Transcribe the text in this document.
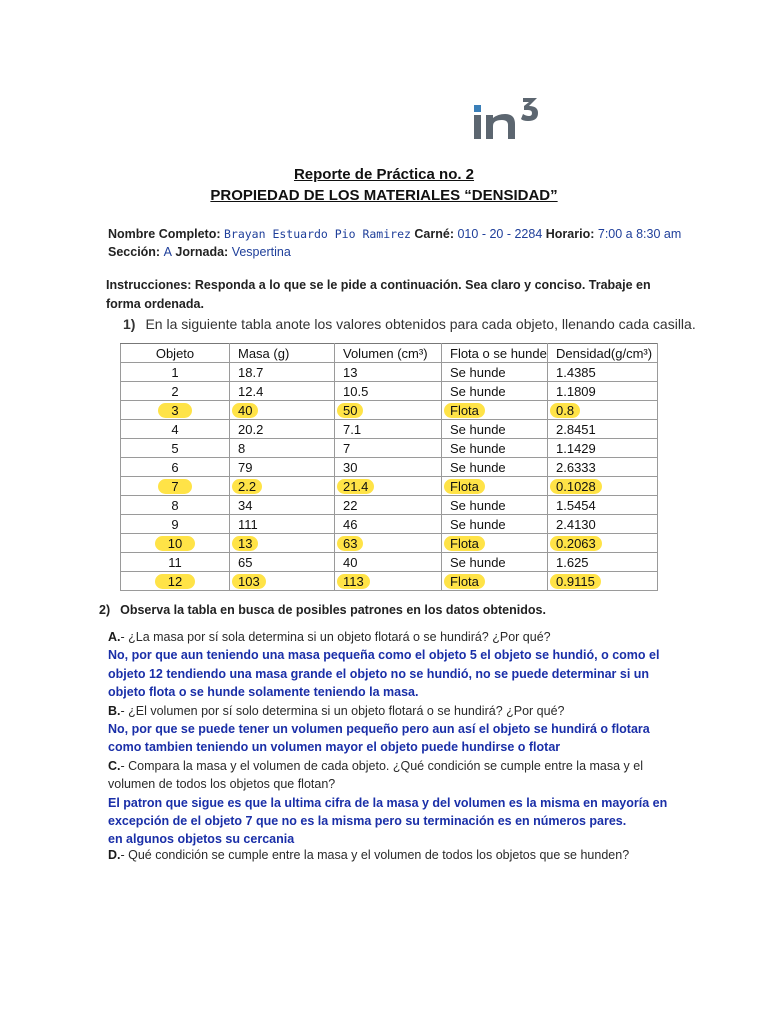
Reporte de Práctica no. 2
PROPIEDAD DE LOS MATERIALES “DENSIDAD”
Nombre Completo: Brayan Estuardo Pio Ramirez Carné: 010 - 20 - 2284 Horario: 7:00 a 8:30 am
Sección: A Jornada: Vespertina
Instrucciones: Responda a lo que se le pide a continuación. Sea claro y conciso. Trabaje en forma ordenada.
1) En la siguiente tabla anote los valores obtenidos para cada objeto, llenando cada casilla.
Objeto	Masa (g)	Volumen (cm³)	Flota o se hunde	Densidad(g/cm³)
1	18.7	13	Se hunde	1.4385
2	12.4	10.5	Se hunde	1.1809
3	40	50	Flota	0.8
4	20.2	7.1	Se hunde	2.8451
5	8	7	Se hunde	1.1429
6	79	30	Se hunde	2.6333
7	2.2	21.4	Flota	0.1028
8	34	22	Se hunde	1.5454
9	111	46	Se hunde	2.4130
10	13	63	Flota	0.2063
11	65	40	Se hunde	1.625
12	103	113	Flota	0.9115
2) Observa la tabla en busca de posibles patrones en los datos obtenidos.
A.- ¿La masa por sí sola determina si un objeto flotará o se hundirá? ¿Por qué?
No, por que aun teniendo una masa pequeña como el objeto 5 el objeto se hundió, o como el objeto 12 tendiendo una masa grande el objeto no se hundió, no se puede determinar si un objeto flota o se hunde solamente teniendo la masa.
B.- ¿El volumen por sí solo determina si un objeto flotará o se hundirá? ¿Por qué?
No, por que se puede tener un volumen pequeño pero aun así el objeto se hundirá o flotara como tambien teniendo un volumen mayor el objeto puede hundirse o flotar
C.- Compara la masa y el volumen de cada objeto. ¿Qué condición se cumple entre la masa y el volumen de todos los objetos que flotan?
El patron que sigue es que la ultima cifra de la masa y del volumen es la misma en mayoría en excepción de el objeto 7 que no es la misma pero su terminación es en números pares.
en algunos objetos su cercania
D.- Qué condición se cumple entre la masa y el volumen de todos los objetos que se hunden?
